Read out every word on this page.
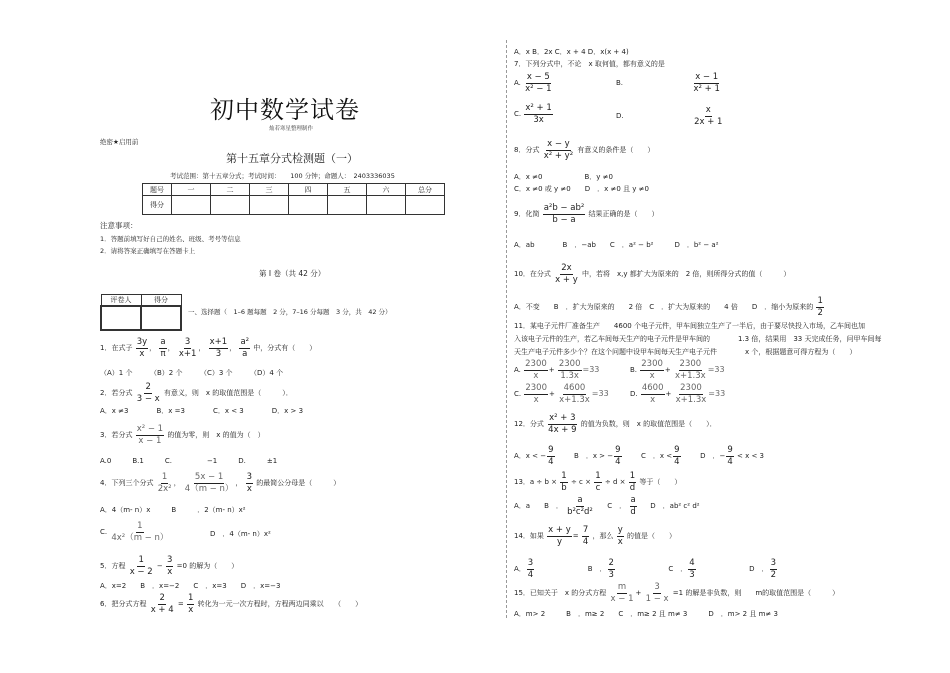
初中数学试卷
灿若寒星整理制作
绝密★启用前
第十五章分式检测题（一）
考试范围：第十五章分式；考试时间：　　100 分钟；命题人：　2403336035
题号	一	二	三	四	五	六	总分
得分							
注意事项：
1．答题前填写好自己的姓名、班级、考号等信息
2．请将答案正确填写在答题卡上
第 I 卷（共 42 分）
评卷人	得分

一、选择题（　1–6 题每题　2 分，7–16 分每题　3 分，共　42 分）
1．在式子 $\frac{3y}{x}$ ， $\frac{a}{\pi}$ ， $\frac{3}{x+1}$ ， $\frac{x+1}{3}$ ， $\frac{\text{a²}}{a}$ 中，分式有（　　）
（A）1 个　　　（B）2 个　　　（C）3 个　　　（D）4 个
2．若分式 $\frac{2}{3 - x}$ 有意义，则　x 的取值范围是（　　　）．
A．x ≠3　　　　B．x =3　　　　C．x < 3　　　　D．x > 3
3．若分式 $\frac{\text{x² − 1}}{x - 1}$ 的值为零，则　x 的值为（　）
A.0　　　B.1　　　C.　　　　　−1　　　D.　　　±1
4．下列三个分式 $\frac{1}{\text{2x²}}$ ， $\frac{5x - 1}{4(m - n)}$ ， $\frac{3}{x}$ 的最简公分母是（　　　）
A．4（m- n）x　　　B　　　．2（m- n）x²
C. $\frac{1}{\text{4x²（m − n）}}$	D　．4（m- n）x²
5．方程 $\frac{1}{x - 2} - \frac{3}{x} =0$ 的解为（　　）
A．x=2　　B　．x=−2　　C　．x=3　　D　．x=−3
6．把分式方程 $\frac{2}{x + 4} = \frac{1}{x}$ 转化为一元一次方程时，方程两边同乘以　　（　　）
A．x B．2x C．x + 4 D．x(x + 4)
7．下列分式中，不论　x 取何值，都有意义的是
A. $\frac{x - 5}{\text{x² − 1}}$	B.	$\frac{x - 1}{\text{x² + 1}}$
C. $\frac{\text{x² + 1}}{3x}$	D.	$\frac{x}{2x + 1}$
8．分式 $\frac{x - y}{\text{x² + y²}}$ 有意义的条件是（　　）
A．x ≠0　　　　　　B．y ≠0
C．x ≠0 或 y ≠0　　D　．x ≠0 且 y ≠0
9．化简 $\frac{\text{a²b − ab²}}{b - a}$ 结果正确的是（　　）
A．ab　　　　B　．−ab　　C　．a² − b²　　　D　．b² − a²
10．在分式 $\frac{2x}{x + y}$ 中，若将　x,y 都扩大为原来的　2 倍，则所得分式的值（　　　）
A．不变　　B　．扩大为原来的　　2 倍　C　．扩大为原来的　　4 倍　　D　．缩小为原来的 $\frac{1}{2}$
11．某电子元件厂准备生产　　4600 个电子元件，甲车间独立生产了一半后，由于要尽快投入市场，乙车间也加
入该电子元件的生产，若乙车间每天生产的电子元件是甲车间的　　　　1.3 倍，结果用　33 天完成任务，问甲车间每
天生产电子元件多少个？在这个问题中设甲车间每天生产电子元件　　　　x 个，根据题意可得方程为（　　）
A. $\frac{2300}{x} + \frac{2300}{1.3x} =33$	B. $\frac{2300}{x} + \frac{2300}{x+1.3x} =33$
C. $\frac{2300}{x} + \frac{4600}{x+1.3x} =33$	D. $\frac{4600}{x} + \frac{2300}{x+1.3x} =33$
12．分式 $\frac{\text{x² + 3}}{4x + 9}$ 的值为负数，则　x 的取值范围是（　　）．
A．x < − $\frac{9}{4}$	B　．x > − $\frac{9}{4}$	C　．$x < \frac{9}{4}$	D　．− $\frac{9}{4} < x < 3$
13．$a \div b \times \frac{1}{b} \div c \times \frac{1}{c} \div d \times \frac{1}{d}$ 等于（　　）
A．a　　B　． $\frac{a}{\text{b²c²d²}}$ C　． $\frac{a}{d}$ D　．ab² c² d²
14．如果 $\frac{x + y}{y} = \frac{7}{4}$ ，那么 $\frac{y}{x}$ 的值是（　　）
A． $\frac{3}{4}$	B　． $\frac{2}{3}$	C　． $\frac{4}{3}$	D　． $\frac{3}{2}$
15．已知关于　x 的分式方程 $\frac{m}{x - 1} + \frac{3}{1 - x} =1$ 的解是非负数，则　　m的取值范围是（　　　）
A．m> 2　　　B　．m≥ 2　　C　．m≥ 2 且 m≠ 3　　　D　．m> 2 且 m≠ 3
